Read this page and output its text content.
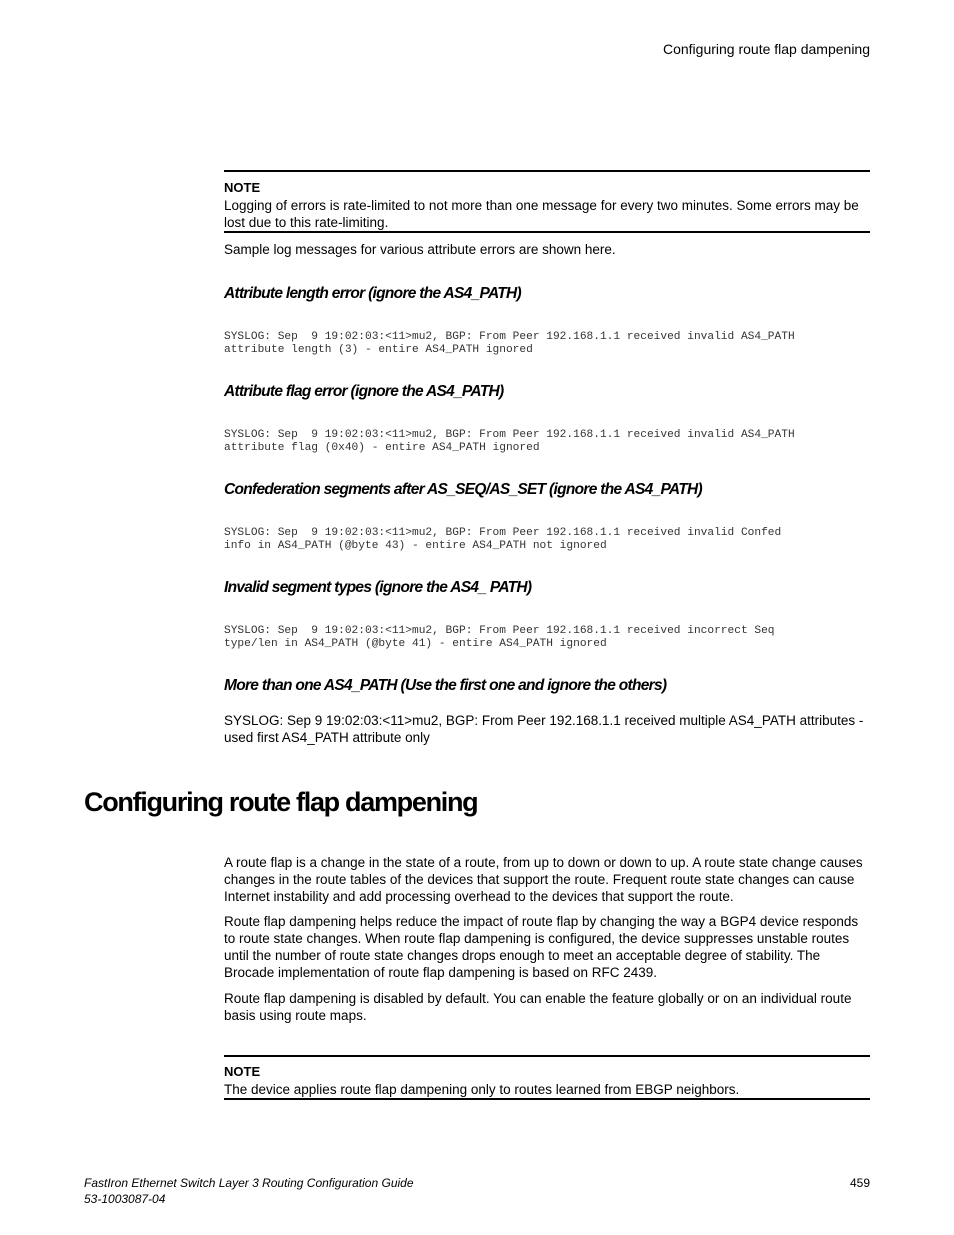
Configuring route flap dampening
NOTE
Logging of errors is rate-limited to not more than one message for every two minutes. Some errors may be lost due to this rate-limiting.
Sample log messages for various attribute errors are shown here.
Attribute length error (ignore the AS4_PATH)
SYSLOG: Sep  9 19:02:03:<11>mu2, BGP: From Peer 192.168.1.1 received invalid AS4_PATH
attribute length (3) - entire AS4_PATH ignored
Attribute flag error (ignore the AS4_PATH)
SYSLOG: Sep  9 19:02:03:<11>mu2, BGP: From Peer 192.168.1.1 received invalid AS4_PATH
attribute flag (0x40) - entire AS4_PATH ignored
Confederation segments after AS_SEQ/AS_SET (ignore the AS4_PATH)
SYSLOG: Sep  9 19:02:03:<11>mu2, BGP: From Peer 192.168.1.1 received invalid Confed
info in AS4_PATH (@byte 43) - entire AS4_PATH not ignored
Invalid segment types (ignore the AS4_ PATH)
SYSLOG: Sep  9 19:02:03:<11>mu2, BGP: From Peer 192.168.1.1 received incorrect Seq
type/len in AS4_PATH (@byte 41) - entire AS4_PATH ignored
More than one AS4_PATH (Use the first one and ignore the others)
SYSLOG: Sep 9 19:02:03:<11>mu2, BGP: From Peer 192.168.1.1 received multiple AS4_PATH attributes - used first AS4_PATH attribute only
Configuring route flap dampening
A route flap is a change in the state of a route, from up to down or down to up. A route state change causes changes in the route tables of the devices that support the route. Frequent route state changes can cause Internet instability and add processing overhead to the devices that support the route.
Route flap dampening helps reduce the impact of route flap by changing the way a BGP4 device responds to route state changes. When route flap dampening is configured, the device suppresses unstable routes until the number of route state changes drops enough to meet an acceptable degree of stability. The Brocade implementation of route flap dampening is based on RFC 2439.
Route flap dampening is disabled by default. You can enable the feature globally or on an individual route basis using route maps.
NOTE
The device applies route flap dampening only to routes learned from EBGP neighbors.
FastIron Ethernet Switch Layer 3 Routing Configuration Guide
53-1003087-04
459
